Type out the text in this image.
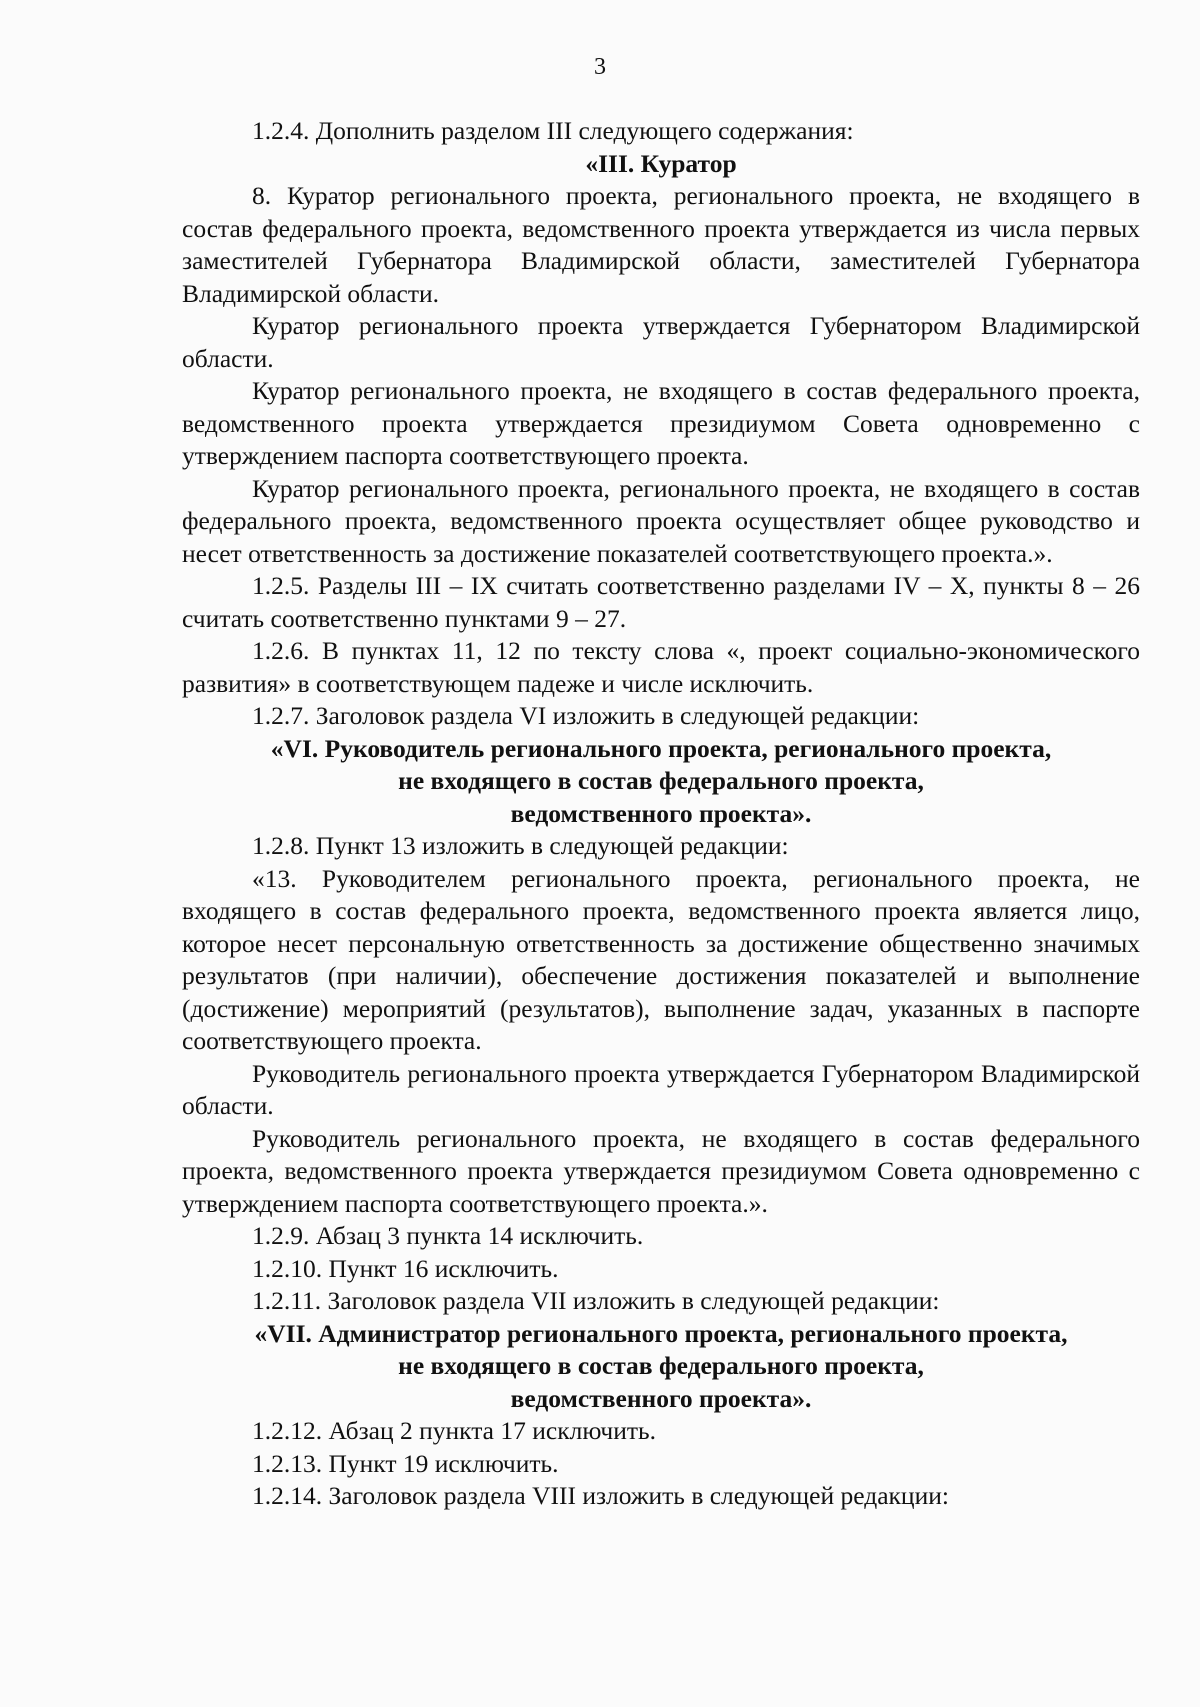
3

1.2.4. Дополнить разделом III следующего содержания:

«III. Куратор

8. Куратор регионального проекта, регионального проекта, не входящего в состав федерального проекта, ведомственного проекта утверждается из числа первых заместителей Губернатора Владимирской области, заместителей Губернатора Владимирской области.

Куратор регионального проекта утверждается Губернатором Владимирской области.

Куратор регионального проекта, не входящего в состав федерального проекта, ведомственного проекта утверждается президиумом Совета одновременно с утверждением паспорта соответствующего проекта.

Куратор регионального проекта, регионального проекта, не входящего в состав федерального проекта, ведомственного проекта осуществляет общее руководство и несет ответственность за достижение показателей соответствующего проекта.».

1.2.5. Разделы III – IX считать соответственно разделами IV – X, пункты 8 – 26 считать соответственно пунктами 9 – 27.

1.2.6. В пунктах 11, 12 по тексту слова «, проект социально-экономического развития» в соответствующем падеже и числе исключить.

1.2.7. Заголовок раздела VI изложить в следующей редакции:

«VI. Руководитель регионального проекта, регионального проекта,
не входящего в состав федерального проекта,
ведомственного проекта».

1.2.8. Пункт 13 изложить в следующей редакции:

«13. Руководителем регионального проекта, регионального проекта, не входящего в состав федерального проекта, ведомственного проекта является лицо, которое несет персональную ответственность за достижение общественно значимых результатов (при наличии), обеспечение достижения показателей и выполнение (достижение) мероприятий (результатов), выполнение задач, указанных в паспорте соответствующего проекта.

Руководитель регионального проекта утверждается Губернатором Владимирской области.

Руководитель регионального проекта, не входящего в состав федерального проекта, ведомственного проекта утверждается президиумом Совета одновременно с утверждением паспорта соответствующего проекта.».

1.2.9. Абзац 3 пункта 14 исключить.

1.2.10. Пункт 16 исключить.

1.2.11. Заголовок раздела VII изложить в следующей редакции:

«VII. Администратор регионального проекта, регионального проекта,
не входящего в состав федерального проекта,
ведомственного проекта».

1.2.12. Абзац 2 пункта 17 исключить.

1.2.13. Пункт 19 исключить.

1.2.14. Заголовок раздела VIII изложить в следующей редакции:
